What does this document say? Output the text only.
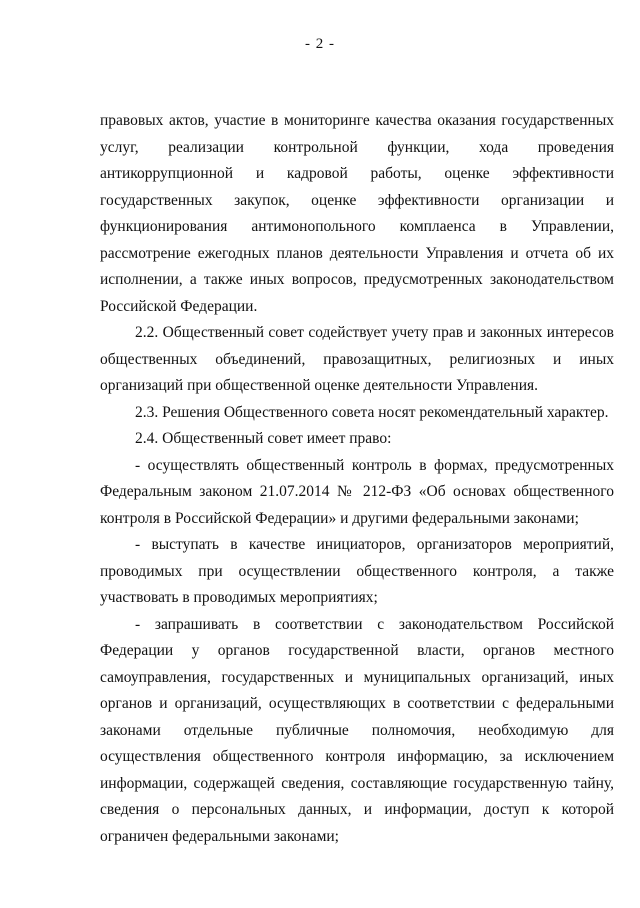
- 2 -

правовых актов, участие в мониторинге качества оказания государственных услуг, реализации контрольной функции, хода проведения антикоррупционной и кадровой работы, оценке эффективности государственных закупок, оценке эффективности организации и функционирования антимонопольного комплаенса в Управлении, рассмотрение ежегодных планов деятельности Управления и отчета об их исполнении, а также иных вопросов, предусмотренных законодательством Российской Федерации.

2.2. Общественный совет содействует учету прав и законных интересов общественных объединений, правозащитных, религиозных и иных организаций при общественной оценке деятельности Управления.

2.3. Решения Общественного совета носят рекомендательный характер.

2.4. Общественный совет имеет право:

- осуществлять общественный контроль в формах, предусмотренных Федеральным законом 21.07.2014 № 212-ФЗ «Об основах общественного контроля в Российской Федерации» и другими федеральными законами;

- выступать в качестве инициаторов, организаторов мероприятий, проводимых при осуществлении общественного контроля, а также участвовать в проводимых мероприятиях;

- запрашивать в соответствии с законодательством Российской Федерации у органов государственной власти, органов местного самоуправления, государственных и муниципальных организаций, иных органов и организаций, осуществляющих в соответствии с федеральными законами отдельные публичные полномочия, необходимую для осуществления общественного контроля информацию, за исключением информации, содержащей сведения, составляющие государственную тайну, сведения о персональных данных, и информации, доступ к которой ограничен федеральными законами;
